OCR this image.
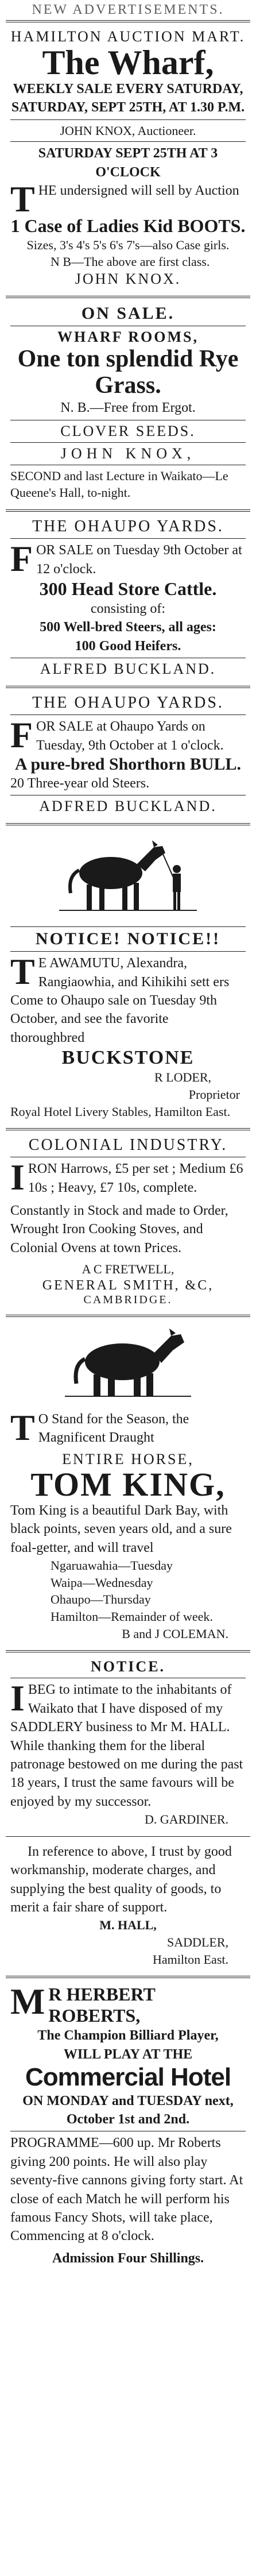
NEW ADVERTISEMENTS.

HAMILTON AUCTION MART.

The Wharf,

WEEKLY SALE EVERY SATURDAY,

SATURDAY, SEPT 25TH, AT 1.30 P.M.

JOHN KNOX, Auctioneer.

SATURDAY SEPT 25TH AT 3 O'CLOCK

T HE undersigned will sell by Auction

1 Case of Ladies Kid BOOTS.

Sizes, 3's 4's 5's 6's 7's—also Case girls.

N B—The above are first class.

JOHN KNOX.

ON SALE.

WHARF ROOMS,

One ton splendid Rye Grass.

N. B.—Free from Ergot.

CLOVER SEEDS.

JOHN KNOX,

SECOND and last Lecture in Waikato—Le Queene's Hall, to-night.

THE OHAUPO YARDS.

F OR SALE on Tuesday 9th October at 12 o'clock.

300 Head Store Cattle.

consisting of:

500 Well-bred Steers, all ages:

100 Good Heifers.

ALFRED BUCKLAND.

THE OHAUPO YARDS.

F OR SALE at Ohaupo Yards on Tuesday, 9th October at 1 o'clock.

A pure-bred Shorthorn BULL.

20 Three-year old Steers.

ADFRED BUCKLAND.

NOTICE! NOTICE!!

T E AWAMUTU, Alexandra, Rangiaowhia, and Kihikihi sett ers Come to Ohaupo sale on Tuesday 9th October, and see the favorite thoroughbred

BUCKSTONE

R LODER,

Proprietor

Royal Hotel Livery Stables, Hamilton East.

COLONIAL INDUSTRY.

I RON Harrows, £5 per set ; Medium £6 10s ; Heavy, £7 10s, complete.

Constantly in Stock and made to Order, Wrought Iron Cooking Stoves, and Colonial Ovens at town Prices.

A C FRETWELL,

GENERAL SMITH, &C,

CAMBRIDGE.

T O Stand for the Season, the Magnificent Draught

ENTIRE HORSE,

TOM KING,

Tom King is a beautiful Dark Bay, with black points, seven years old, and a sure foal-getter, and will travel

Ngaruawahia—Tuesday

Waipa—Wednesday

Ohaupo—Thursday

Hamilton—Remainder of week.

B and J COLEMAN.

NOTICE.

I BEG to intimate to the inhabitants of Waikato that I have disposed of my SADDLERY business to Mr M. HALL. While thanking them for the liberal patronage bestowed on me during the past 18 years, I trust the same favours will be enjoyed by my successor.

D. GARDINER.

In reference to above, I trust by good workmanship, moderate charges, and supplying the best quality of goods, to merit a fair share of support.

M. HALL,

SADDLER,

Hamilton East.

M R HERBERT ROBERTS,

The Champion Billiard Player,

WILL PLAY AT THE

Commercial Hotel

ON MONDAY and TUESDAY next, October 1st and 2nd.

PROGRAMME—600 up. Mr Roberts giving 200 points. He will also play seventy-five cannons giving forty start. At close of each Match he will perform his famous Fancy Shots, will take place, Commencing at 8 o'clock.

Admission Four Shillings.
